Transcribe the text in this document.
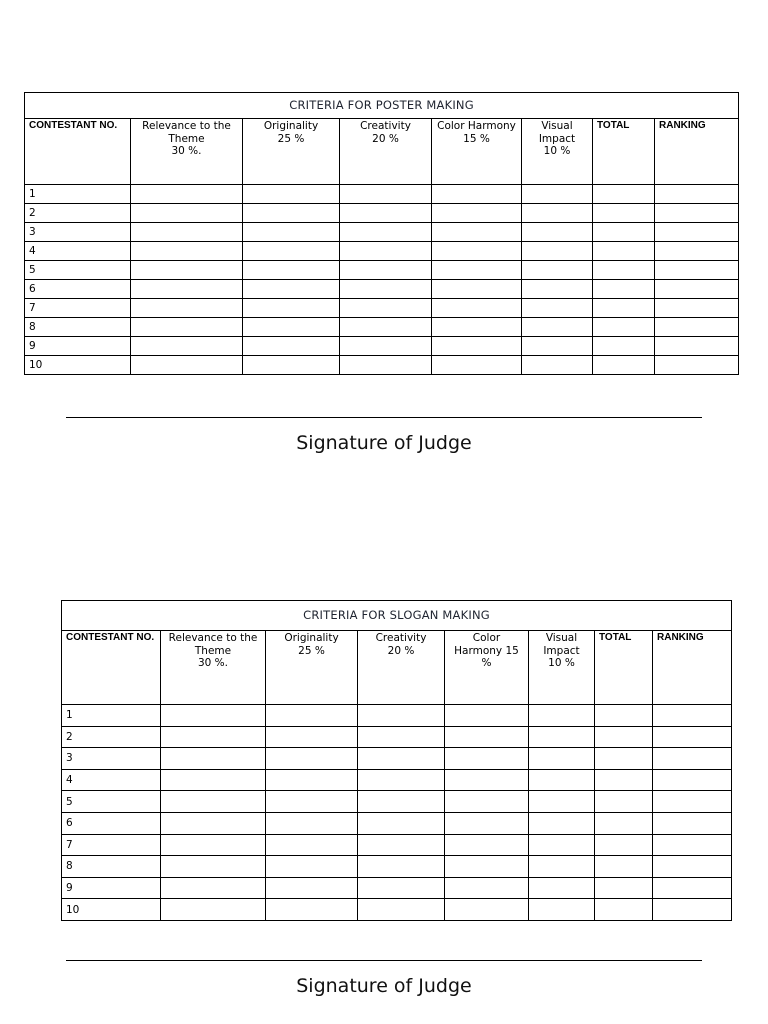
CRITERIA FOR POSTER MAKING							
CONTESTANT NO.	Relevance to the
Theme
30 %.	Originality
25 %	Creativity
20 %	Color Harmony
15 %	Visual
Impact
10 %	TOTAL	RANKING
1							
2							
3							
4							
5							
6							
7							
8							
9							
10							
Signature of Judge
CRITERIA FOR SLOGAN MAKING							
CONTESTANT NO.	Relevance to the
Theme
30 %.	Originality
25 %	Creativity
20 %	Color
Harmony 15
%	Visual
Impact
10 %	TOTAL	RANKING
1							
2							
3							
4							
5							
6							
7							
8							
9							
10							
Signature of Judge
